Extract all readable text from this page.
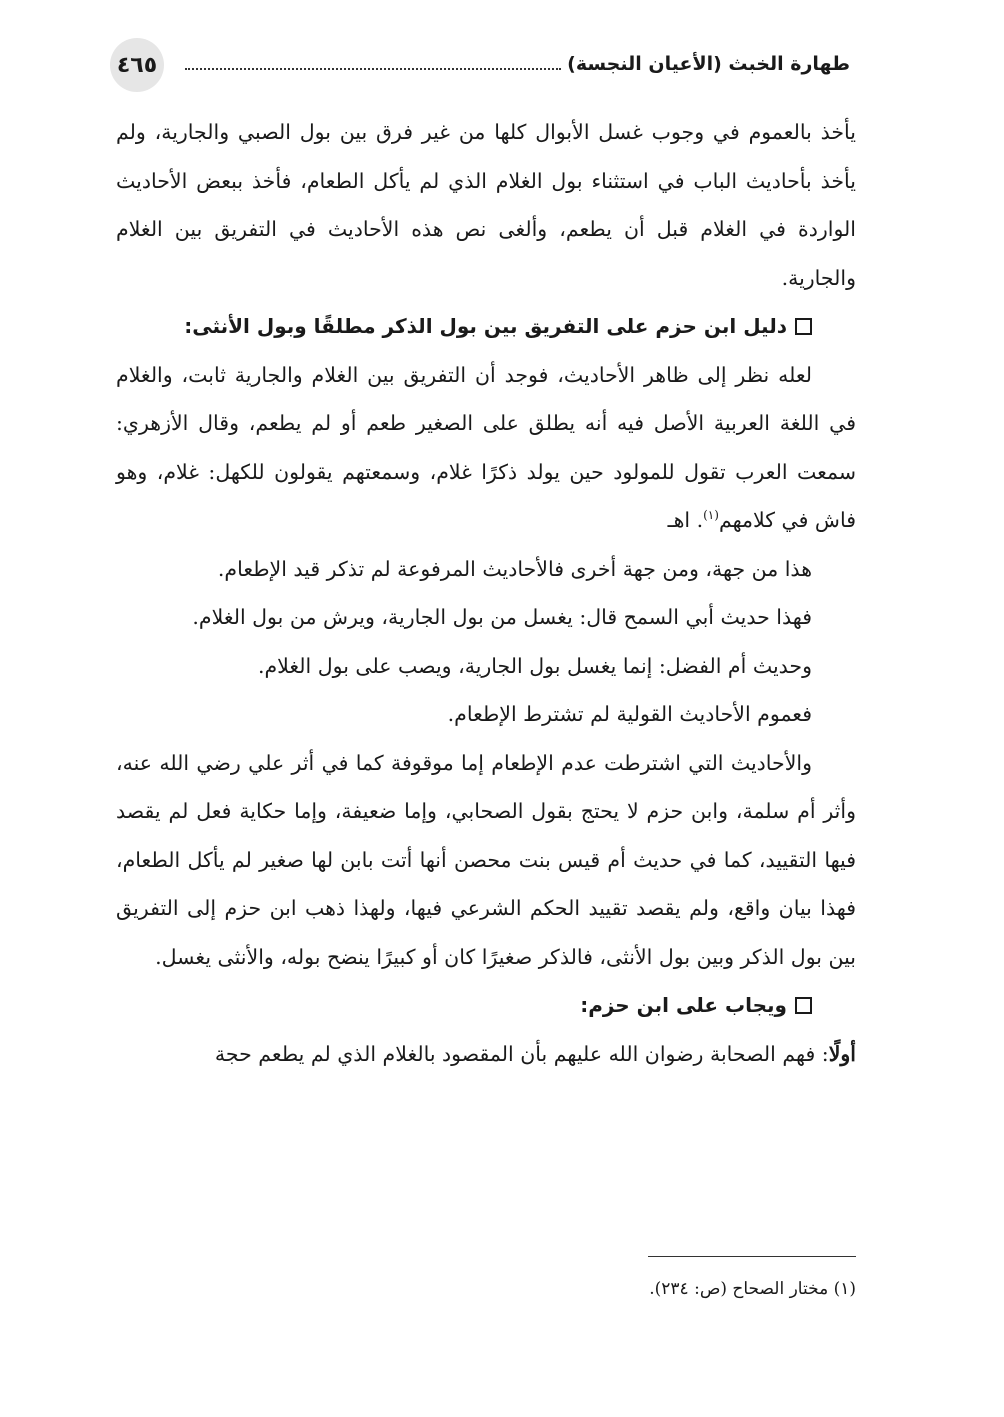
٤٦٥	طهارة الخبث (الأعيان النجسة)

يأخذ بالعموم في وجوب غسل الأبوال كلها من غير فرق بين بول الصبي والجارية، ولم يأخذ بأحاديث الباب في استثناء بول الغلام الذي لم يأكل الطعام، فأخذ ببعض الأحاديث الواردة في الغلام قبل أن يطعم، وألغى نص هذه الأحاديث في التفريق بين الغلام والجارية.

دليل ابن حزم على التفريق بين بول الذكر مطلقًا وبول الأنثى:

لعله نظر إلى ظاهر الأحاديث، فوجد أن التفريق بين الغلام والجارية ثابت، والغلام في اللغة العربية الأصل فيه أنه يطلق على الصغير طعم أو لم يطعم، وقال الأزهري: سمعت العرب تقول للمولود حين يولد ذكرًا غلام، وسمعتهم يقولون للكهل: غلام، وهو فاش في كلامهم$^{(١)}$. اهـ

هذا من جهة، ومن جهة أخرى فالأحاديث المرفوعة لم تذكر قيد الإطعام.

فهذا حديث أبي السمح قال: يغسل من بول الجارية، ويرش من بول الغلام.

وحديث أم الفضل: إنما يغسل بول الجارية، ويصب على بول الغلام.

فعموم الأحاديث القولية لم تشترط الإطعام.

والأحاديث التي اشترطت عدم الإطعام إما موقوفة كما في أثر علي رضي الله عنه، وأثر أم سلمة، وابن حزم لا يحتج بقول الصحابي، وإما ضعيفة، وإما حكاية فعل لم يقصد فيها التقييد، كما في حديث أم قيس بنت محصن أنها أتت بابن لها صغير لم يأكل الطعام، فهذا بيان واقع، ولم يقصد تقييد الحكم الشرعي فيها، ولهذا ذهب ابن حزم إلى التفريق بين بول الذكر وبين بول الأنثى، فالذكر صغيرًا كان أو كبيرًا ينضح بوله، والأنثى يغسل.

ويجاب على ابن حزم:

أولًا: فهم الصحابة رضوان الله عليهم بأن المقصود بالغلام الذي لم يطعم حجة

(١) مختار الصحاح (ص: ٢٣٤).
